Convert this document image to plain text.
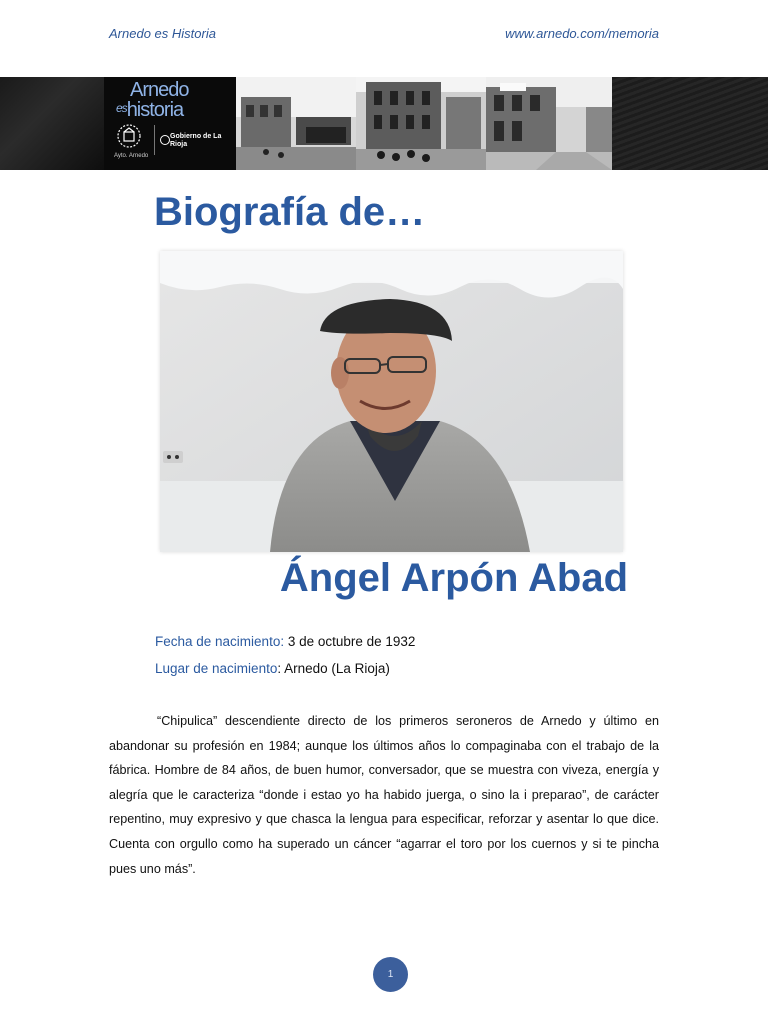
Arnedo es Historia	www.arnedo.com/memoria
Arnedo
$^{es}$historia
Gobierno de La Rioja
Ayto. Arnedo
Biografía de…
Ángel Arpón Abad
Fecha de nacimiento: 3 de octubre de 1932
Lugar de nacimiento: Arnedo (La Rioja)
“Chipulica” descendiente directo de los primeros seroneros de Arnedo y último en abandonar su profesión en 1984; aunque los últimos años lo compaginaba con el trabajo de la fábrica. Hombre de 84 años, de buen humor, conversador, que se muestra con viveza, energía y alegría que le caracteriza “donde i estao yo ha habido juerga, o sino la i preparao”, de carácter repentino, muy expresivo y que chasca la lengua para especificar, reforzar y asentar lo que dice. Cuenta con orgullo como ha superado un cáncer “agarrar el toro por los cuernos y si te pincha pues uno más”.
1
